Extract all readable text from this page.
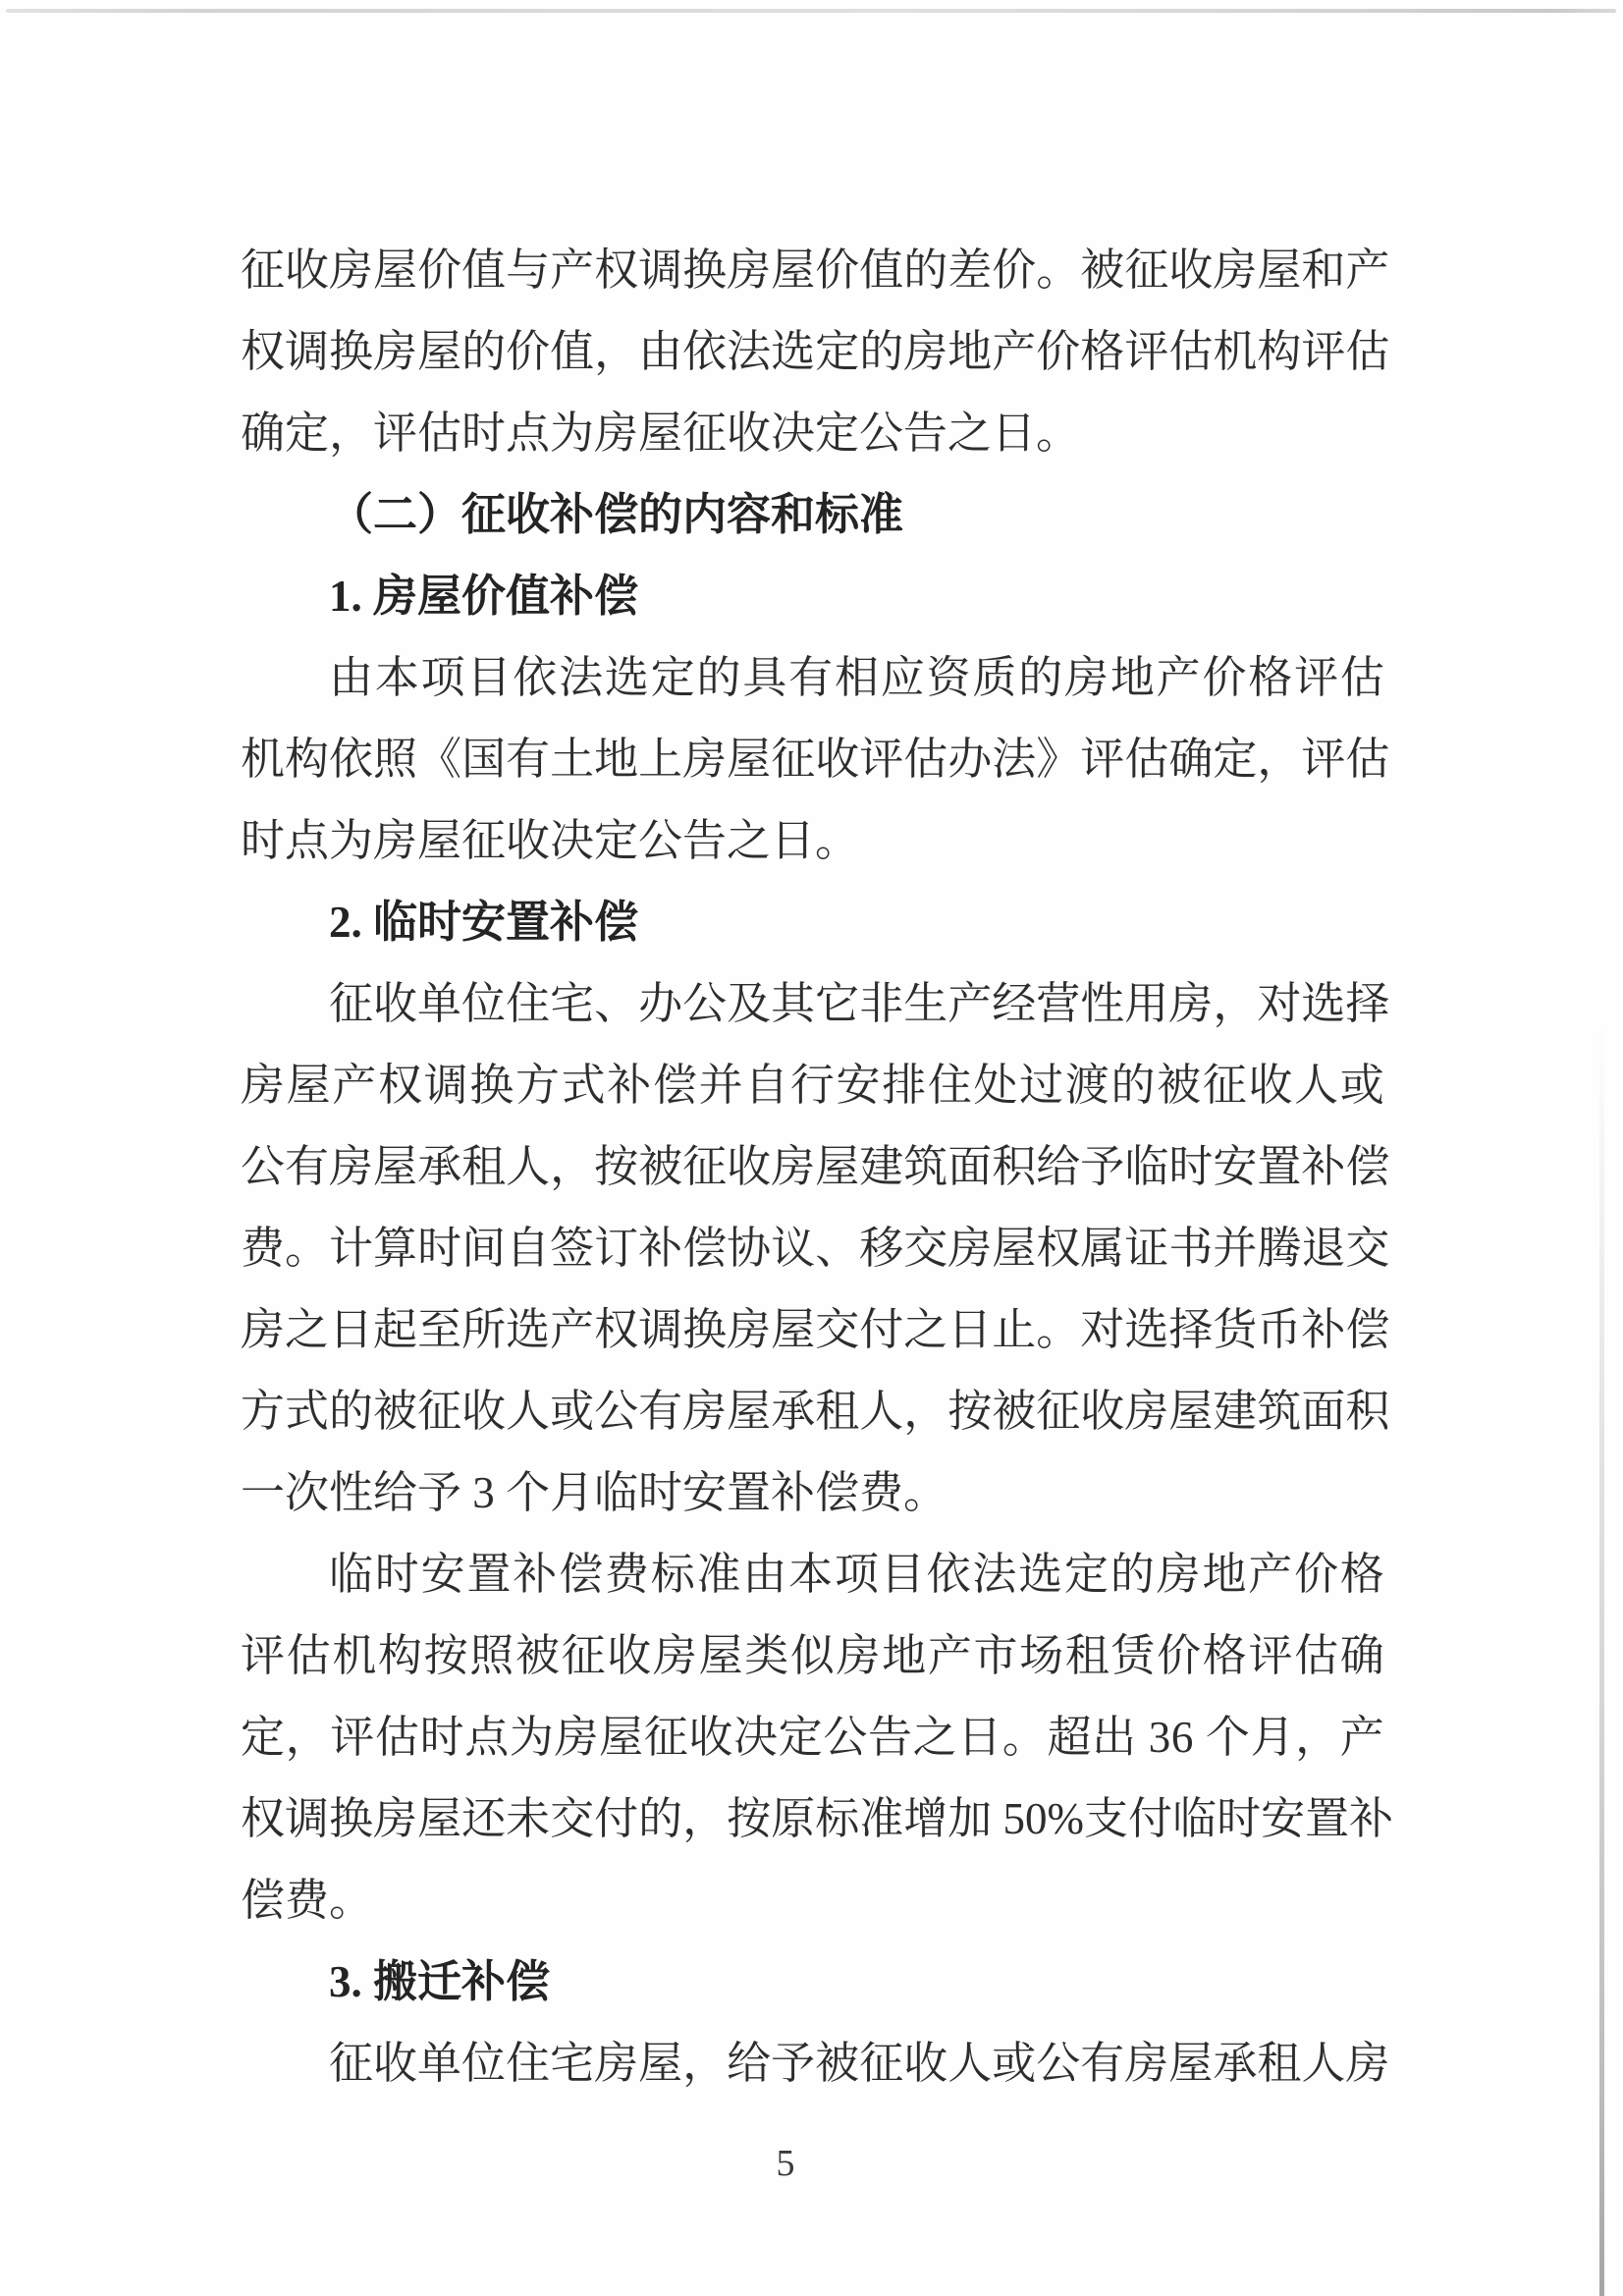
征 收 房 屋 价 值 与 产 权 调 换 房 屋 价 值 的 差 价 。 被 征 收 房 屋 和 产
权 调 换 房 屋 的 价 值 ， 由 依 法 选 定 的 房 地 产 价 格 评 估 机 构 评 估
确定，评估时点为房屋征收决定公告之日。
（二）征收补偿的内容和标准
1. 房屋价值补偿
由 本 项 目 依 法 选 定 的 具 有 相 应 资 质 的 房 地 产 价 格 评 估
机 构 依 照 《 国 有 土 地 上 房 屋 征 收 评 估 办 法 》 评 估 确 定 ， 评 估
时点为房屋征收决定公告之日。
2. 临时安置补偿
征 收 单 位 住 宅 、 办 公 及 其 它 非 生 产 经 营 性 用 房 ， 对 选 择
房 屋 产 权 调 换 方 式 补 偿 并 自 行 安 排 住 处 过 渡 的 被 征 收 人 或
公 有 房 屋 承 租 人 ， 按 被 征 收 房 屋 建 筑 面 积 给 予 临 时 安 置 补 偿
费 。 计 算 时 间 自 签 订 补 偿 协 议 、 移 交 房 屋 权 属 证 书 并 腾 退 交
房 之 日 起 至 所 选 产 权 调 换 房 屋 交 付 之 日 止 。 对 选 择 货 币 补 偿
方 式 的 被 征 收 人 或 公 有 房 屋 承 租 人 ， 按 被 征 收 房 屋 建 筑 面 积
一次性给予 3 个月临时安置补偿费。
临 时 安 置 补 偿 费 标 准 由 本 项 目 依 法 选 定 的 房 地 产 价 格
评 估 机 构 按 照 被 征 收 房 屋 类 似 房 地 产 市 场 租 赁 价 格 评 估 确
定 ， 评 估 时 点 为 房 屋 征 收 决 定 公 告 之 日 。 超 出
3 6
个 月 ， 产
权 调 换 房 屋 还 未 交 付 的 ， 按 原 标 准 增 加
5 0 % 支 付 临 时 安 置 补
偿费。
3. 搬迁补偿
征 收 单 位 住 宅 房 屋 ， 给 予 被 征 收 人 或 公 有 房 屋 承 租 人 房
5
